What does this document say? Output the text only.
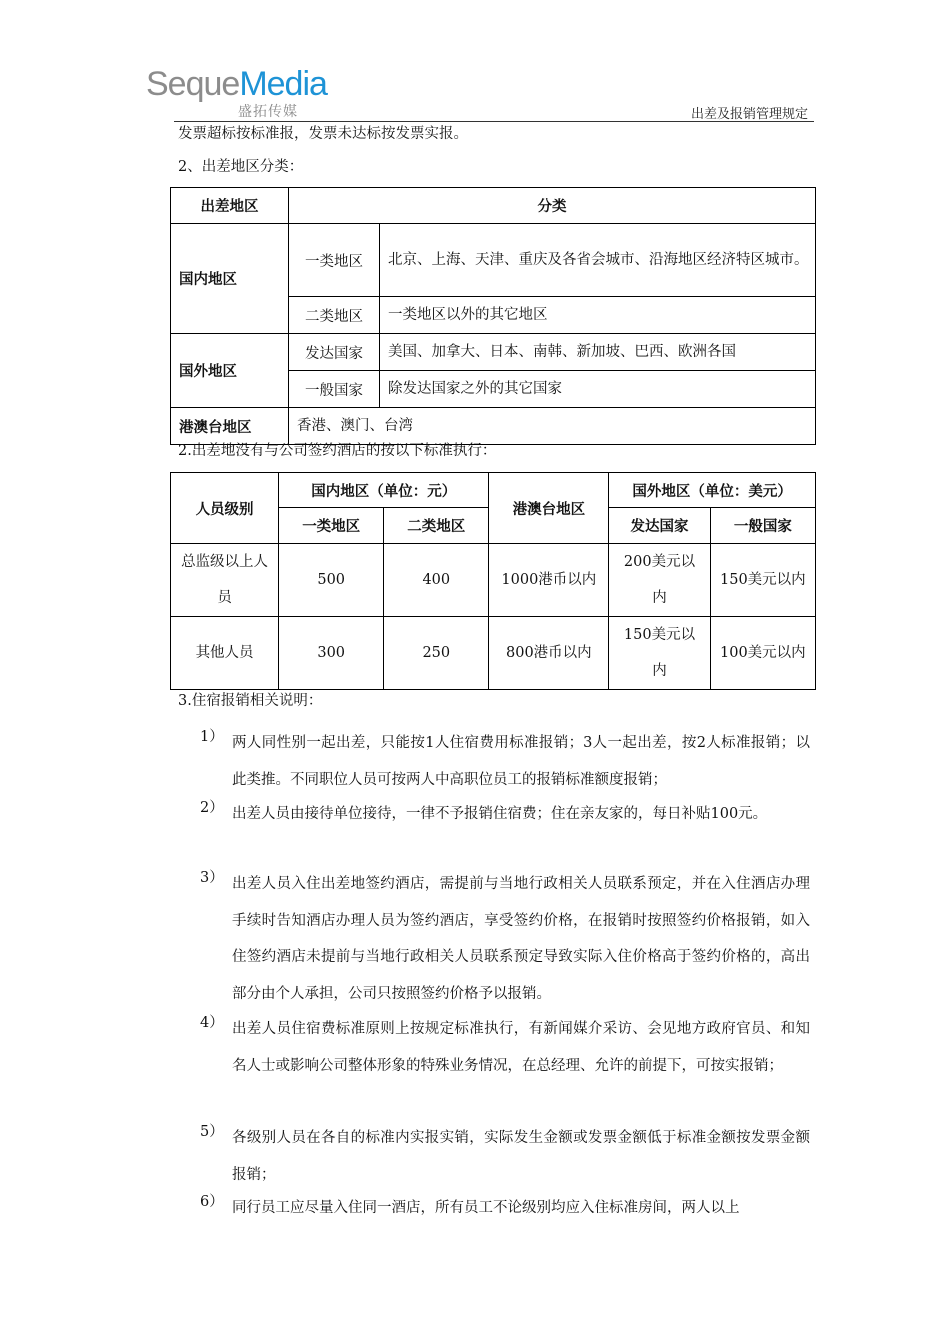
SequeMedia
盛拓传媒	出差及报销管理规定
发票超标按标准报，发票未达标按发票实报。
2、出差地区分类：
出差地区	分类	
国内地区	一类地区	北京、上海、天津、重庆及各省会城市、沿海地区经济特区城市。
	二类地区	一类地区以外的其它地区
国外地区	发达国家	美国、加拿大、日本、南韩、新加坡、巴西、欧洲各国
	一般国家	除发达国家之外的其它国家
港澳台地区	香港、澳门、台湾	
2.出差地没有与公司签约酒店的按以下标准执行：
人员级别	国内地区（单位：元）		港澳台地区	国外地区（单位：美元）	
	一类地区	二类地区		发达国家	一般国家
总监级以上人员	500	400	1000港币以内	200美元以内	150美元以内
其他人员	300	250	800港币以内	150美元以内	100美元以内
3.住宿报销相关说明：
1） 两人同性别一起出差，只能按1人住宿费用标准报销；3人一起出差，按2人标准报销；以此类推。不同职位人员可按两人中高职位员工的报销标准额度报销；
2） 出差人员由接待单位接待，一律不予报销住宿费；住在亲友家的，每日补贴100元。
3） 出差人员入住出差地签约酒店，需提前与当地行政相关人员联系预定，并在入住酒店办理手续时告知酒店办理人员为签约酒店，享受签约价格，在报销时按照签约价格报销，如入住签约酒店未提前与当地行政相关人员联系预定导致实际入住价格高于签约价格的，高出部分由个人承担，公司只按照签约价格予以报销。
4） 出差人员住宿费标准原则上按规定标准执行，有新闻媒介采访、会见地方政府官员、和知名人士或影响公司整体形象的特殊业务情况，在总经理、允许的前提下，可按实报销；
5） 各级别人员在各自的标准内实报实销，实际发生金额或发票金额低于标准金额按发票金额报销；
6） 同行员工应尽量入住同一酒店，所有员工不论级别均应入住标准房间，两人以上
